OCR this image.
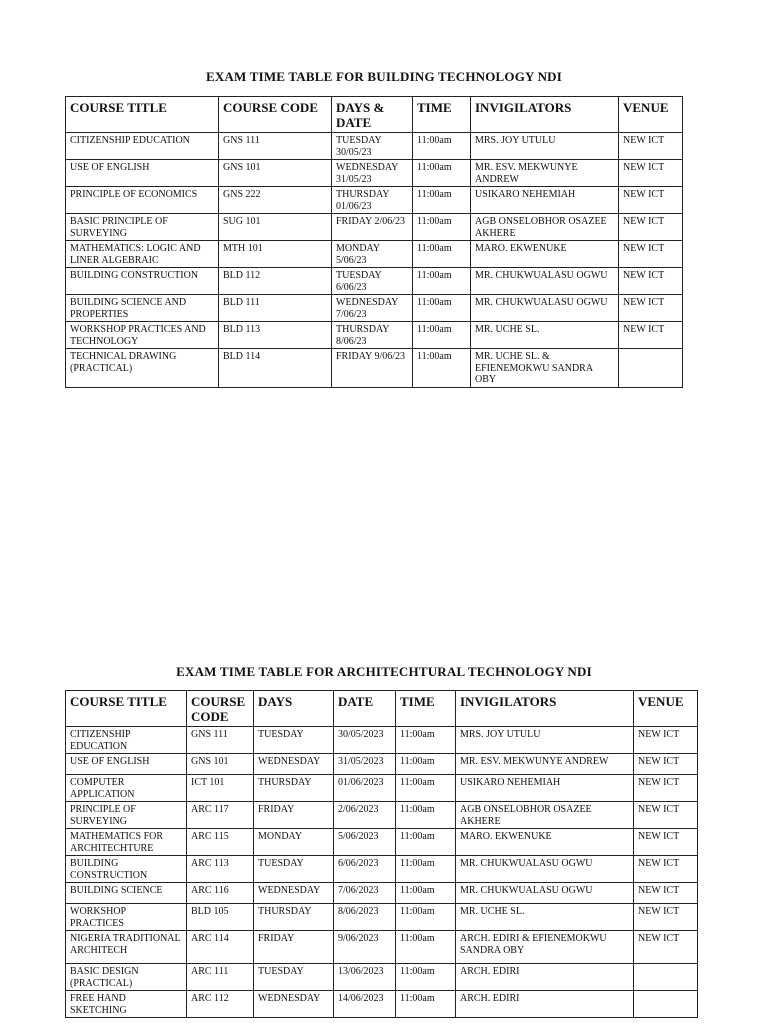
EXAM TIME TABLE FOR BUILDING TECHNOLOGY NDI
COURSE TITLE	COURSE CODE	DAYS & DATE	TIME	INVIGILATORS	VENUE
CITIZENSHIP EDUCATION	GNS 111	TUESDAY 30/05/23	11:00am	MRS. JOY UTULU	NEW ICT
USE OF ENGLISH	GNS 101	WEDNESDAY 31/05/23	11:00am	MR. ESV. MEKWUNYE ANDREW	NEW ICT
PRINCIPLE OF ECONOMICS	GNS 222	THURSDAY 01/06/23	11:00am	USIKARO NEHEMIAH	NEW ICT
BASIC PRINCIPLE OF SURVEYING	SUG 101	FRIDAY 2/06/23	11:00am	AGB ONSELOBHOR OSAZEE AKHERE	NEW ICT
MATHEMATICS: LOGIC AND LINER ALGEBRAIC	MTH 101	MONDAY 5/06/23	11:00am	MARO. EKWENUKE	NEW ICT
BUILDING CONSTRUCTION	BLD 112	TUESDAY 6/06/23	11:00am	MR. CHUKWUALASU OGWU	NEW ICT
BUILDING SCIENCE AND PROPERTIES	BLD 111	WEDNESDAY 7/06/23	11:00am	MR. CHUKWUALASU OGWU	NEW ICT
WORKSHOP PRACTICES AND TECHNOLOGY	BLD 113	THURSDAY 8/06/23	11:00am	MR. UCHE SL.	NEW ICT
TECHNICAL DRAWING (PRACTICAL)	BLD 114	FRIDAY 9/06/23	11:00am	MR. UCHE SL. & EFIENEMOKWU SANDRA OBY	
EXAM TIME TABLE FOR ARCHITECHTURAL TECHNOLOGY NDI
COURSE TITLE	COURSE CODE	DAYS	DATE	TIME	INVIGILATORS	VENUE
CITIZENSHIP EDUCATION	GNS 111	TUESDAY	30/05/2023	11:00am	MRS. JOY UTULU	NEW ICT
USE OF ENGLISH	GNS 101	WEDNESDAY	31/05/2023	11:00am	MR. ESV. MEKWUNYE ANDREW	NEW ICT
COMPUTER APPLICATION	ICT 101	THURSDAY	01/06/2023	11:00am	USIKARO NEHEMIAH	NEW ICT
PRINCIPLE OF SURVEYING	ARC 117	FRIDAY	2/06/2023	11:00am	AGB ONSELOBHOR OSAZEE AKHERE	NEW ICT
MATHEMATICS FOR ARCHITECHTURE	ARC 115	MONDAY	5/06/2023	11:00am	MARO. EKWENUKE	NEW ICT
BUILDING CONSTRUCTION	ARC 113	TUESDAY	6/06/2023	11:00am	MR. CHUKWUALASU OGWU	NEW ICT
BUILDING SCIENCE	ARC 116	WEDNESDAY	7/06/2023	11:00am	MR. CHUKWUALASU OGWU	NEW ICT
WORKSHOP PRACTICES	BLD 105	THURSDAY	8/06/2023	11:00am	MR. UCHE SL.	NEW ICT
NIGERIA TRADITIONAL ARCHITECH	ARC 114	FRIDAY	9/06/2023	11:00am	ARCH. EDIRI & EFIENEMOKWU SANDRA OBY	NEW ICT
BASIC DESIGN (PRACTICAL)	ARC 111	TUESDAY	13/06/2023	11:00am	ARCH. EDIRI	
FREE HAND SKETCHING	ARC 112	WEDNESDAY	14/06/2023	11:00am	ARCH. EDIRI	
